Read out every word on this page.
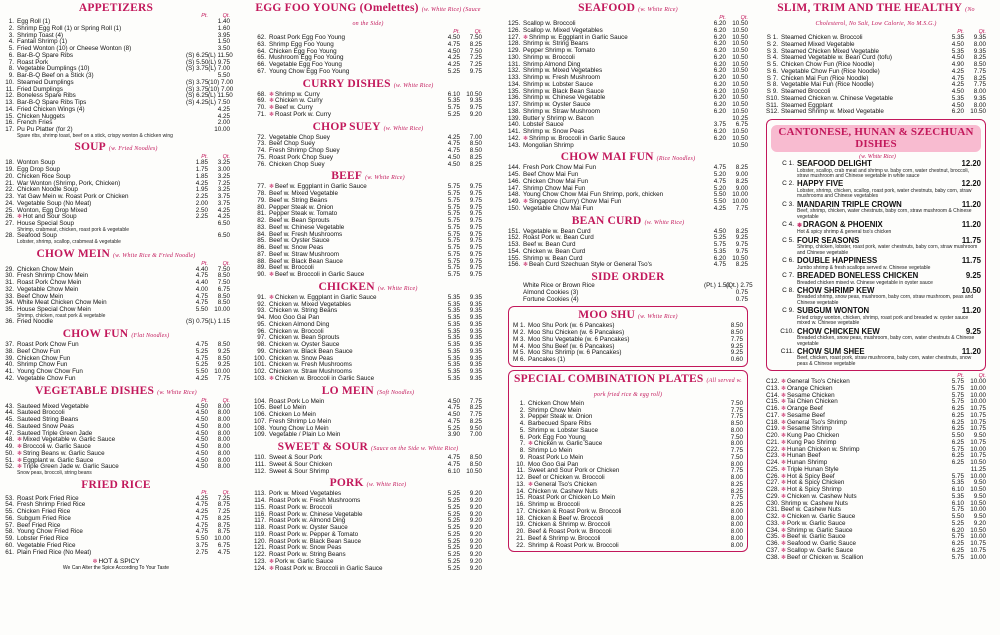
APPETIZERS
Pt.	Qt.
1. Egg Roll (1)	1.40
2. Shrimp Egg Roll (1) or Spring Roll (1)	1.60
3. Shrimp Toast (4)	3.95
4. Fantail Shrimp (1)	1.50
5. Fried Wonton (10) or Cheese Wonton (8)	3.50
6. Bar-B-Q Spare Ribs	(S) 6.25 (L) 11.50
7. Roast Pork	(S) 5.50 (L) 9.75
8. Vegetable Dumplings (10)	(S) 3.75 (L) 7.00
9. Bar-B-Q Beef on a Stick (3)	5.50
10. Steamed Dumplings	(S) 3.75 (10) 7.00
11. Fried Dumplings	(S) 3.75 (10) 7.00
12. Boneless Spare Ribs	(S) 6.25 (L) 11.50
13. Bar-B-Q Spare Ribs Tips	(S) 4.25 (L) 7.50
14. Fried Chicken Wings (4)	4.25
15. Chicken Nuggets	4.25
16. French Fries	2.00
17. Pu Pu Platter (for 2)	10.00
Spare ribs, shrimp toast, beef on a stick, crispy wonton & chicken wing
SOUP (w. Fried Noodles)
Pt.	Qt.
18. Wonton Soup	1.85	3.25
19. Egg Drop Soup	1.75	3.00
20. Chicken Rice Soup	1.85	3.25
21. War Wonton (Shrimp, Pork, Chicken)	4.25	7.25
22. Chicken Noodle Soup	1.95	3.25
23. Yat Gaw Mein w. Roast Pork or Chicken	2.25	3.75
24. Vegetable Soup (No Meat)	2.00	3.75
25. Wonton, Egg Drop Mixed	2.50	4.25
26. ❄Hot and Sour Soup	2.25	4.25
27. House Special Soup	6.50
Shrimp, crabmeat, chicken, roast pork & vegetable
28. Seafood Soup	6.50
Lobster, shrimp, scallop, crabmeat & vegetable
CHOW MEIN (w. White Rice & Fried Noodle)
Pt.	Qt.
29. Chicken Chow Mein	4.40	7.50
30. Fresh Shrimp Chow Mein	4.75	8.50
31. Roast Pork Chow Mein	4.40	7.50
32. Vegetable Chow Mein	4.00	6.75
33. Beef Chow Mein	4.75	8.50
34. White Meat Chicken Chow Mein	4.75	8.50
35. House Special Chow Mein	5.50 10.00
Shrimp, chicken, roast pork & vegetable
36. Fried Noodle	(S) 0.75 (L) 1.15
CHOW FUN (Flat Noodles)
37. Roast Pork Chow Fun	4.75	8.50
38. Beef Chow Fun	5.25	9.25
39. Chicken Chow Fun	4.75	8.50
40. Shrimp Chow Fun	5.25	9.25
41. Young Chow Chow Fun	5.50 10.00
42. Vegetable Chow Fun	4.25	7.75
VEGETABLE DISHES (w. White Rice)
Pt.	Qt.
43. Sauteed Mixed Vegetable	4.50	8.00
44. Sauteed Broccoli	4.50	8.00
45. Sauteed String Beans	4.50	8.00
46. Sauteed Snow Peas	4.50	8.00
47. Sauteed Triple Green Jade	4.50	8.00
48. ❄Mixed Vegetable w. Garlic Sauce	4.50	8.00
49. ❄Broccoli w. Garlic Sauce	4.50	8.00
50. ❄String Beans w. Garlic Sauce	4.50	8.00
51. ❄Eggplant w. Garlic Sauce	4.50	8.00
52. ❄Triple Green Jade w. Garlic Sauce	4.50	8.00
Snow peas, broccoli, string beans
FRIED RICE
Pt.	Qt.
53. Roast Pork Fried Rice	4.25	7.25
54. Fresh Shrimp Fried Rice	4.75	8.75
55. Chicken Fried Rice	4.25	7.25
56. Subgum Fried Rice	4.75	8.25
57. Beef Fried Rice	4.75	8.75
58. Young Chow Fried Rice	4.75	8.75
59. Lobster Fried Rice	5.50 10.00
60. Vegetable Fried Rice	3.75	6.75
61. Plain Fried Rice (No Meat)	2.75	4.75
❄HOT & SPICY
We Can Alter the Spice According To Your Taste
EGG FOO YOUNG (Omelettes) (w. White Rice) (Sauce on the Side)
Pt.	Qt.
62. Roast Pork Egg Foo Young	4.50	7.50
63. Shrimp Egg Foo Young	4.75	8.25
64. Chicken Egg Foo Young	4.50	7.50
65. Mushroom Egg Foo Young	4.25	7.25
66. Vegetable Egg Foo Young	4.25	7.25
67. Young Chow Egg Foo Young	5.25	9.75
CURRY DISHES (w. White Rice)
68. ❄Shrimp w. Curry	6.10 10.50
69. ❄Chicken w. Curry	5.35	9.35
70. ❄Beef w. Curry	5.75	9.75
71. ❄Roast Pork w. Curry	5.25	9.20
CHOP SUEY (w. White Rice)
72. Vegetable Chop Suey	4.25	7.00
73. Beef Chop Suey	4.75	8.50
74. Fresh Shrimp Chop Suey	4.75	8.50
75. Roast Pork Chop Suey	4.50	8.25
76. Chicken Chop Suey	4.50	8.25
BEEF (w. White Rice)
77. ❄Beef w. Eggplant in Garlic Sauce	5.75	9.75
78. Beef w. Mixed Vegetable	5.75	9.75
79. Beef w. String Beans	5.75	9.75
80. Pepper Steak w. Onion	5.75	9.75
81. Pepper Steak w. Tomato	5.75	9.75
82. Beef w. Bean Sprouts	5.75	9.75
83. Beef w. Chinese Vegetable	5.75	9.75
84. Beef w. Fresh Mushrooms	5.75	9.75
85. Beef w. Oyster Sauce	5.75	9.75
86. Beef w. Snow Peas	5.75	9.75
87. Beef w. Straw Mushroom	5.75	9.75
88. Beef w. Black Bean Sauce	5.75	9.75
89. Beef w. Broccoli	5.75	9.75
90. ❄Beef w. Broccoli in Garlic Sauce	5.75	9.75
CHICKEN (w. White Rice)
91. ❄Chicken w. Eggplant in Garlic Sauce	5.35	9.35
92. Chicken w. Mixed Vegetables	5.35	9.35
93. Chicken w. String Beans	5.35	9.35
94. Moo Goo Gai Pan	5.35	9.35
95. Chicken Almond Ding	5.35	9.35
96. Chicken w. Broccoli	5.35	9.35
97. Chicken w. Bean Sprouts	5.35	9.35
98. Chicken w. Oyster Sauce	5.35	9.35
99. Chicken w. Black Bean Sauce	5.35	9.35
100. Chicken w. Snow Peas	5.35	9.35
101. Chicken w. Fresh Mushrooms	5.35	9.35
102. Chicken w. Straw Mushrooms	5.35	9.35
103. ❄Chicken w. Broccoli in Garlic Sauce	5.35	9.35
LO MEIN (Soft Noodles)
104. Roast Pork Lo Mein	4.50	7.75
105. Beef Lo Mein	4.75	8.25
106. Chicken Lo Mein	4.50	7.75
107. Fresh Shrimp Lo Mein	4.75	8.25
108. Young Chow Lo Mein	5.25	9.50
109. Vegetable / Plain Lo Mein	3.90	7.00
SWEET & SOUR (Sauce on the Side w. White Rice)
110. Sweet & Sour Pork	4.75	8.50
111. Sweet & Sour Chicken	4.75	8.50
112. Sweet & Sour Shrimp	6.10 10.50
PORK (w. White Rice)
113. Pork w. Mixed Vegetables	5.25	9.20
114. Roast Pork w. Fresh Mushrooms	5.25	9.20
115. Roast Pork w. Broccoli	5.25	9.20
116. Roast Pork w. Chinese Vegetable	5.25	9.20
117. Roast Pork w. Almond Ding	5.25	9.20
118. Roast Pork w. Oyster Sauce	5.25	9.20
119. Roast Pork w. Pepper & Tomato	5.25	9.20
120. Roast Pork w. Black Bean Sauce	5.25	9.20
121. Roast Pork w. Snow Peas	5.25	9.20
122. Roast Pork w. String Beans	5.25	9.20
123. ❄Pork w. Garlic Sauce	5.25	9.20
124. ❄Roast Pork w. Broccoli in Garlic Sauce	5.25	9.20
SEAFOOD (w. White Rice)
Pt.	Qt.
125. Scallop w. Broccoli	6.20 10.50
126. Scallop w. Mixed Vegetables	6.20 10.50
127. ❄Shrimp w. Eggplant in Garlic Sauce	6.20 10.50
128. Shrimp w. String Beans	6.20 10.50
129. Pepper Shrimp w. Tomato	6.20 10.50
130. Shrimp w. Broccoli	6.20 10.50
131. Shrimp Almond Ding	6.20 10.50
132. Shrimp w. Mixed Vegetables	6.20 10.50
133. Shrimp w. Fresh Mushroom	6.20 10.50
134. Shrimp w. Lobster Sauce	6.20 10.50
135. Shrimp w. Black Bean Sauce	6.20 10.50
136. Shrimp w. Chinese Vegetable	6.20 10.50
137. Shrimp w. Oyster Sauce	6.20 10.50
138. Shrimp w. Straw Mushroom	6.20 10.50
139. Butter y Shrimp w. Bacon	10.25
140. Lobster Sauce	3.75	6.75
141. Shrimp w. Snow Peas	6.20 10.50
142. ❄Shrimp w. Broccoli in Garlic Sauce	6.20 10.50
143. Mongolian Shrimp	10.50
CHOW MAI FUN (Rice Noodles)
144. Fresh Pork Chow Mai Fun	4.75	8.25
145. Beef Chow Mai Fun	5.20	9.00
146. Chicken Chow Mai Fun	4.75	8.25
147. Shrimp Chow Mai Fun	5.20	9.00
148. Young Chow Chow Mai Fun Shrimp, pork, chicken	5.50 10.00
149. ❄Singapore (Curry) Chow Mai Fun	5.50 10.00
150. Vegetable Chow Mai Fun	4.25	7.75
BEAN CURD (w. White Rice)
151. Vegetable w. Bean Curd	4.50	8.25
152. Roast Pork w. Bean Curd	5.25	9.25
153. Beef w. Bean Curd	5.75	9.75
154. Chicken w. Bean Curd	5.35	9.75
155. Shrimp w. Bean Curd	6.20 10.50
156. ❄Bean Curd Szechuan Style or General Tso's	4.75	8.25
SIDE ORDER
White Rice or Brown Rice	(Pt.) 1.50
(Qt.) 2.75
Almond Cookies (3)	0.75
Fortune Cookies (4)	0.75
MOO SHU (w. White Rice)
M 1. Moo Shu Pork (w. 6 Pancakes)	8.50
M 2. Moo Shu Chicken (w. 6 Pancakes)	8.50
M 3. Moo Shu Vegetable (w. 6 Pancakes)	7.75
M 4. Moo Shu Beef (w. 6 Pancakes)	9.25
M 5. Moo Shu Shrimp (w. 6 Pancakes)	9.25
M 6. Pancakes (1)	0.60
SPECIAL COMBINATION PLATES (All served w. pork fried rice & egg roll)
1. Chicken Chow Mein	7.50
2. Shrimp Chow Mein	7.75
3. Pepper Steak w. Onion	7.75
4. Barbecued Spare Ribs	8.50
5. Shrimp w. Lobster Sauce	8.00
6. Pork Egg Foo Young	7.50
7. ❄Chicken w. Garlic Sauce	8.00
8. Shrimp Lo Mein	7.75
9. Roast Pork Lo Mein	7.50
10. Moo Goo Gai Pan	8.00
11. Sweet and Sour Pork or Chicken	7.75
12. Beef or Chicken w. Broccoli	8.00
13. ❄General Tso's Chicken	8.25
14. Chicken w. Cashew Nuts	8.25
15. Roast Pork or Chicken Lo Mein	7.75
16. Shrimp w. Broccoli	8.25
17. Chicken & Roast Pork w. Broccoli	8.00
18. Chicken & Beef w. Broccoli	8.00
19. Chicken & Shrimp w. Broccoli	8.00
20. Beef & Roast Pork w. Broccoli	8.00
21. Beef & Shrimp w. Broccoli	8.00
22. Shrimp & Roast Pork w. Broccoli	8.00
SLIM, TRIM AND THE HEALTHY (No Cholesterol, No Salt, Low Calorie, No M.S.G.)
Pt.	Qt.
S 1. Steamed Chicken w. Broccoli	5.35	9.35
S 2. Steamed Mixed Vegetable	4.50	8.00
S 3. Steamed Chicken Mixed Vegetable	5.35	9.35
S 4. Steamed Vegetable w. Bean Curd (tofu)	4.50	8.25
S 5. Chicken Chow Fun (Rice Noodle)	4.90	8.50
S 6. Vegetable Chow Fun (Rice Noodle)	4.25	7.75
S 7. Chicken Mai Fun (Rice Noodle)	4.75	8.25
S 8. Vegetable Mai Fun (Rice Noodle)	4.25	7.75
S 9. Steamed Broccoli	4.50	8.00
S10. Steamed Chicken w. Chinese Vegetable	5.35	9.35
S11. Steamed Eggplant	4.50	8.00
S12. Steamed Shrimp w. Mixed Vegetable	6.20 10.50
CANTONESE, HUNAN & SZECHUAN DISHES
(w. White Rice)
C 1. SEAFOOD DELIGHT	12.20
Lobster, scallop, crab meat and shrimp w. baby corn, water chestnut, broccoli, straw mushroom and Chinese vegetable in white sauce
C 2. HAPPY FIVE	12.20
Lobster, shrimp, chicken, scallop, roast pork, water chestnuts, baby corn, straw mushrooms and Chinese vegetables
C 3. MANDARIN TRIPLE CROWN	11.20
Beef, shrimp, chicken, water chestnuts, baby corn, straw mushroom & Chinese vegetable
C 4. ❄DRAGON & PHOENIX	11.20
Hot & spicy shrimp & general tso's chicken
C 5. FOUR SEASONS	11.75
Shrimp, chicken, lobster, roast pork, water chestnuts, baby corn, straw mushroom and Chinese vegetable
C 6. DOUBLE HAPPINESS	11.75
Jumbo shrimp & fresh scallops served w. Chinese vegetable
C 7. BREADED BONELESS CHICKEN	9.25
Breaded chicken mixed w. Chinese vegetable in oyster sauce
C 8. CHOW SHRIMP KEW	10.50
Breaded shrimp, snow peas, mushroom, baby corn, straw mushroom, peas and Chinese vegetable
C 9. SUBGUM WONTON	11.20
Fried crispy wonton, chicken, shrimp, roast pork and breaded w. oyster sauce mixed w. Chinese vegetable
C10. CHOW CHICKEN KEW	9.25
Breaded chicken, snow peas, mushroom, baby corn, water chestnuts & Chinese vegetable
C11. CHOW SUM SHEE	11.20
Beef, chicken, roast pork, straw mushrooms, baby corn, water chestnuts, snow peas & Chinese vegetable
Pt.	Qt.
C12. ❄General Tso's Chicken	5.75 10.00
C13. ❄Orange Chicken	5.75 10.00
C14. ❄Sesame Chicken	5.75 10.00
C15. ❄Tai Chien Chicken	5.75 10.00
C16. ❄Orange Beef	6.25 10.75
C17. ❄Sesame Beef	6.25 10.75
C18. ❄General Tso's Shrimp	6.25 10.75
C19. ❄Sesame Shrimp	6.25 10.75
C20. ❄Kung Pao Chicken	5.50	9.50
C21. ❄Kung Pao Shrimp	6.25 10.75
C22. ❄Hunan Chicken w. Shrimp	5.75 10.00
C23. ❄Hunan Beef	6.25 10.75
C24. ❄Hunan Shrimp	6.25 10.50
C25. ❄Triple Hunan Style	11.25
C26. ❄Hot & Spicy Beef	5.75 10.00
C27. ❄Hot & Spicy Chicken	5.35	9.50
C28. ❄Hot & Spicy Shrimp	6.10 10.50
C29. ❄Chicken w. Cashew Nuts	5.35	9.50
C30. Shrimp w. Cashew Nuts	6.10 10.50
C31. Beef w. Cashew Nuts	5.75 10.00
C32. ❄Chicken w. Garlic Sauce	5.50	9.50
C33. ❄Pork w. Garlic Sauce	5.25	9.20
C34. ❄Shrimp w. Garlic Sauce	6.20 10.50
C35. ❄Beef w. Garlic Sauce	5.75 10.00
C36. ❄Seafood w. Garlic Sauce	6.25 10.75
C37. ❄Scallop w. Garlic Sauce	6.25 10.75
C38. ❄Beef or Chicken w. Scallion	5.75 10.00
